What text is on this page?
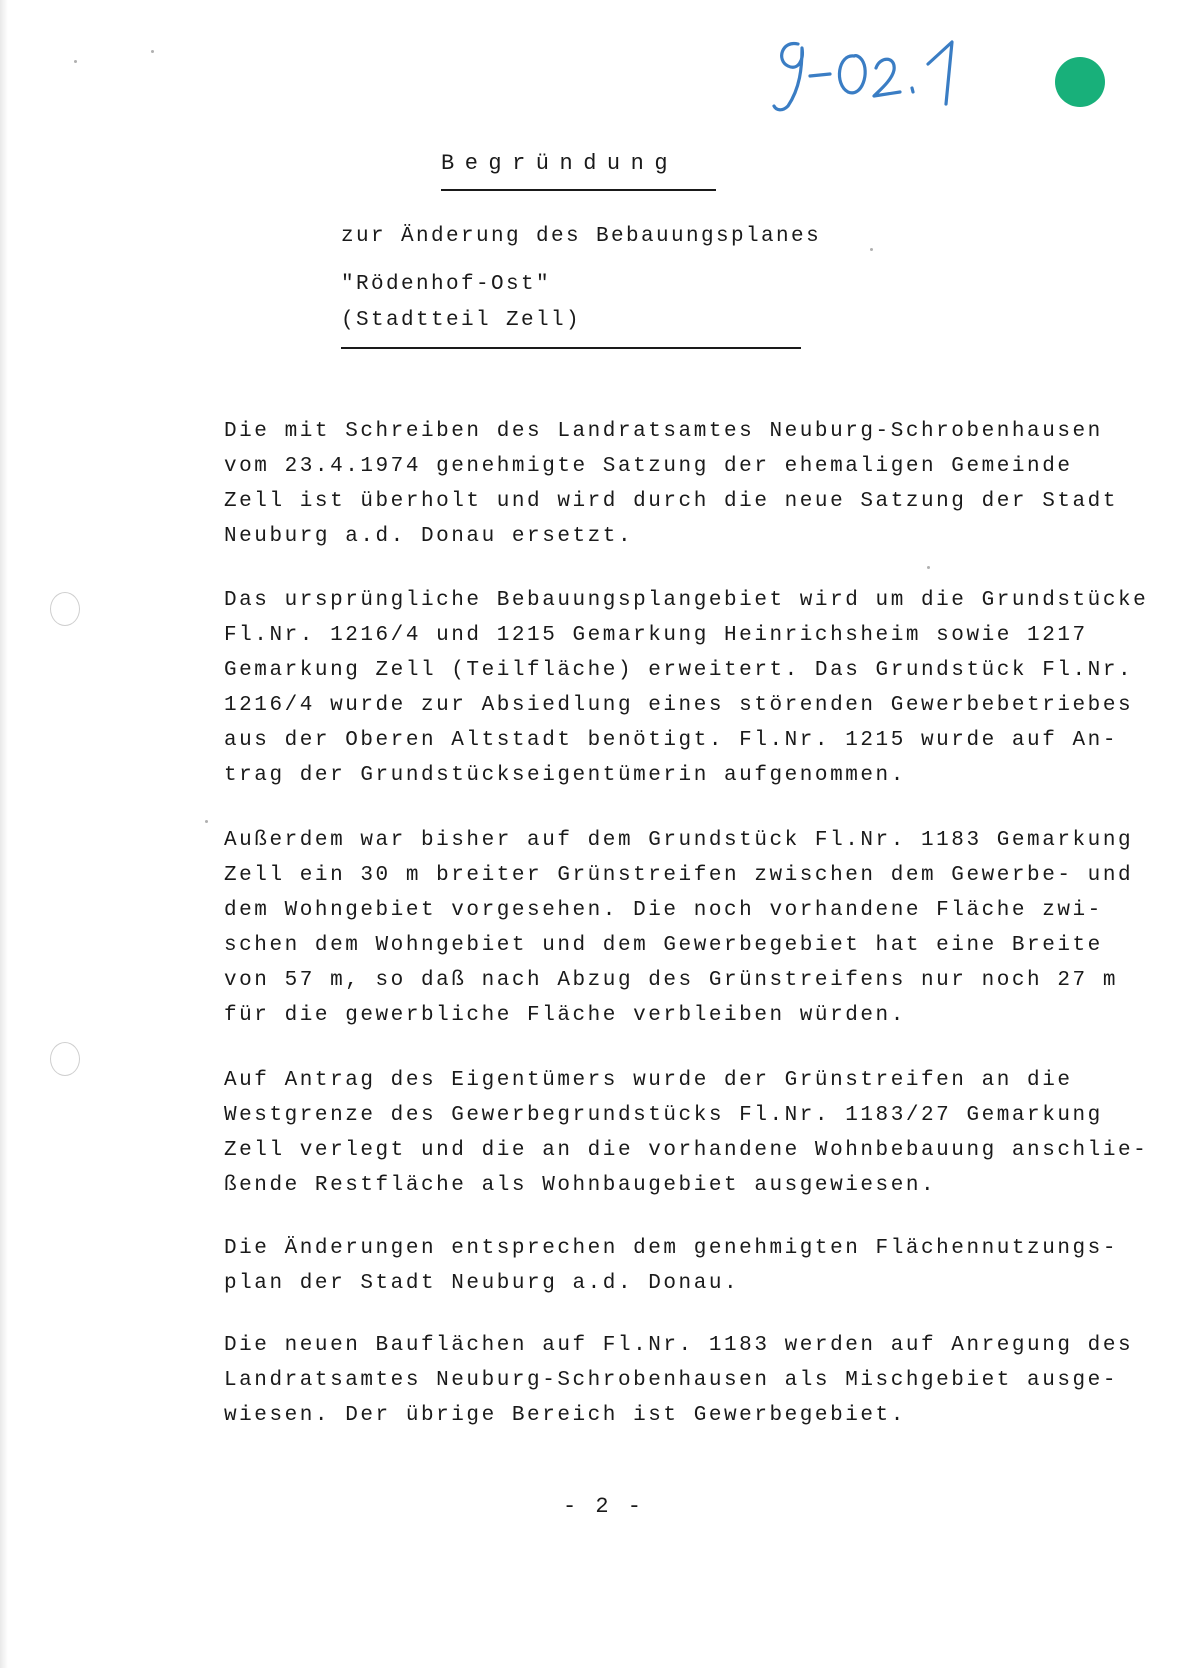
Begründung
zur Änderung des Bebauungsplanes
"Rödenhof-Ost"
(Stadtteil Zell)
Die mit Schreiben des Landratsamtes Neuburg-Schrobenhausen
vom 23.4.1974 genehmigte Satzung der ehemaligen Gemeinde
Zell ist überholt und wird durch die neue Satzung der Stadt
Neuburg a.d. Donau ersetzt.
Das ursprüngliche Bebauungsplangebiet wird um die Grundstücke
Fl.Nr. 1216/4 und 1215 Gemarkung Heinrichsheim sowie 1217
Gemarkung Zell (Teilfläche) erweitert. Das Grundstück Fl.Nr.
1216/4 wurde zur Absiedlung eines störenden Gewerbebetriebes
aus der Oberen Altstadt benötigt. Fl.Nr. 1215 wurde auf An-
trag der Grundstückseigentümerin aufgenommen.
Außerdem war bisher auf dem Grundstück Fl.Nr. 1183 Gemarkung
Zell ein 30 m breiter Grünstreifen zwischen dem Gewerbe- und
dem Wohngebiet vorgesehen. Die noch vorhandene Fläche zwi-
schen dem Wohngebiet und dem Gewerbegebiet hat eine Breite
von 57 m, so daß nach Abzug des Grünstreifens nur noch 27 m
für die gewerbliche Fläche verbleiben würden.
Auf Antrag des Eigentümers wurde der Grünstreifen an die
Westgrenze des Gewerbegrundstücks Fl.Nr. 1183/27 Gemarkung
Zell verlegt und die an die vorhandene Wohnbebauung anschlie-
ßende Restfläche als Wohnbaugebiet ausgewiesen.
Die Änderungen entsprechen dem genehmigten Flächennutzungs-
plan der Stadt Neuburg a.d. Donau.
Die neuen Bauflächen auf Fl.Nr. 1183 werden auf Anregung des
Landratsamtes Neuburg-Schrobenhausen als Mischgebiet ausge-
wiesen. Der übrige Bereich ist Gewerbegebiet.
- 2 -
